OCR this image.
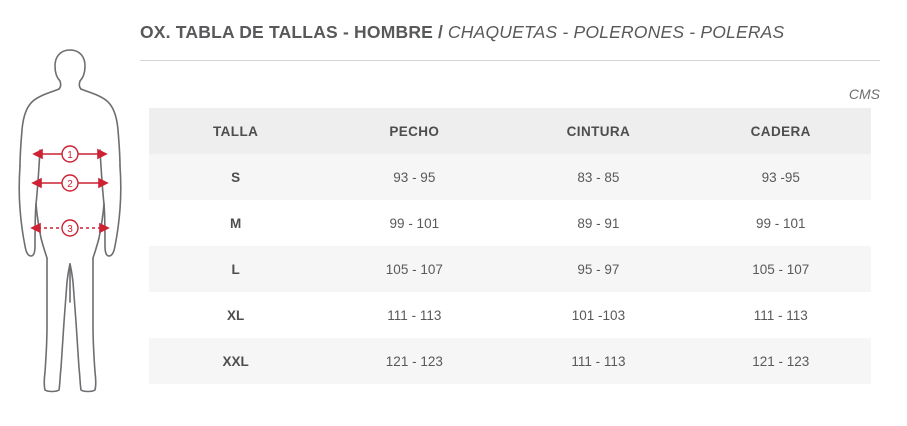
1
2
3
OX. TABLA DE TALLAS - HOMBRE / CHAQUETAS - POLERONES - POLERAS
CMS
TALLA	PECHO	CINTURA	CADERA
S	93 - 95	83 - 85	93 -95
M	99 - 101	89 - 91	99 - 101
L	105 - 107	95 - 97	105 - 107
XL	111 - 113	101 -103	111 - 113
XXL	121 - 123	111 - 113	121 - 123
